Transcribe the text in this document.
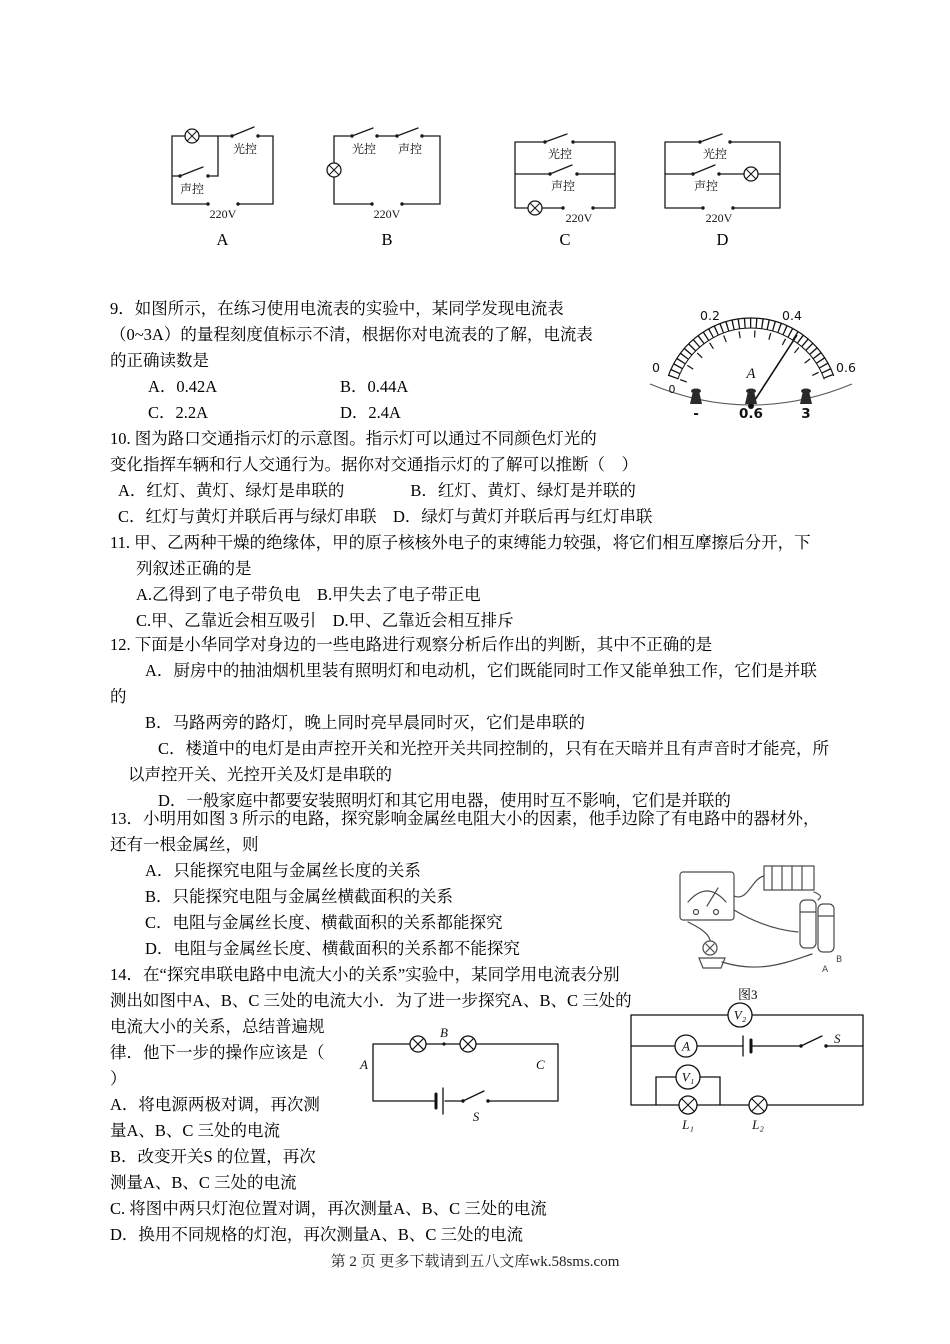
光控
声控
220V
光控 声控
220V
光控
声控
220V
光控
声控
220V
A	B	C	D
9．如图所示，在练习使用电流表的实验中，某同学发现电流表
（0~3A）的量程刻度值标示不清，根据你对电流表的了解，电流表
的正确读数是
A．0.42A	B．0.44A
C．2.2A	D．2.4A
0
0.2	0.4
0.6
0
A
-	0.6	3
10. 图为路口交通指示灯的示意图。指示灯可以通过不同颜色灯光的
变化指挥车辆和行人交通行为。据你对交通指示灯的了解可以推断（　）
A．红灯、黄灯、绿灯是串联的　　　　B．红灯、黄灯、绿灯是并联的
C．红灯与黄灯并联后再与绿灯串联　D．绿灯与黄灯并联后再与红灯串联
11. 甲、乙两种干燥的绝缘体，甲的原子核核外电子的束缚能力较强，将它们相互摩擦后分开，下
列叙述正确的是
A.乙得到了电子带负电　B.甲失去了电子带正电
C.甲、乙靠近会相互吸引　D.甲、乙靠近会相互排斥
12. 下面是小华同学对身边的一些电路进行观察分析后作出的判断，其中不正确的是
A．厨房中的抽油烟机里装有照明灯和电动机，它们既能同时工作又能单独工作，它们是并联
的
B．马路两旁的路灯，晚上同时亮早晨同时灭，它们是串联的
C．楼道中的电灯是由声控开关和光控开关共同控制的，只有在天暗并且有声音时才能亮，所
以声控开关、光控开关及灯是串联的
D．一般家庭中都要安装照明灯和其它用电器，使用时互不影响，它们是并联的
13．小明用如图 3 所示的电路，探究影响金属丝电阻大小的因素，他手边除了有电路中的器材外，
还有一根金属丝，则
A．只能探究电阻与金属丝长度的关系
B．只能探究电阻与金属丝横截面积的关系
C．电阻与金属丝长度、横截面积的关系都能探究
D．电阻与金属丝长度、横截面积的关系都不能探究
A
B
图3
14．在“探究串联电路中电流大小的关系”实验中，某同学用电流表分别
测出如图中A、B、C 三处的电流大小．为了进一步探究A、B、C 三处的
电流大小的关系，总结普遍规
律．他下一步的操作应该是（
）
A．将电源两极对调，再次测
量A、B、C 三处的电流
B．改变开关S 的位置，再次
测量A、B、C 三处的电流
C. 将图中两只灯泡位置对调，再次测量A、B、C 三处的电流
D．换用不同规格的灯泡，再次测量A、B、C 三处的电流
B
A	C
S
V₂
A
V₁
S
L₁	L₂
第 2 页 更多下载请到五八文库wk.58sms.com
